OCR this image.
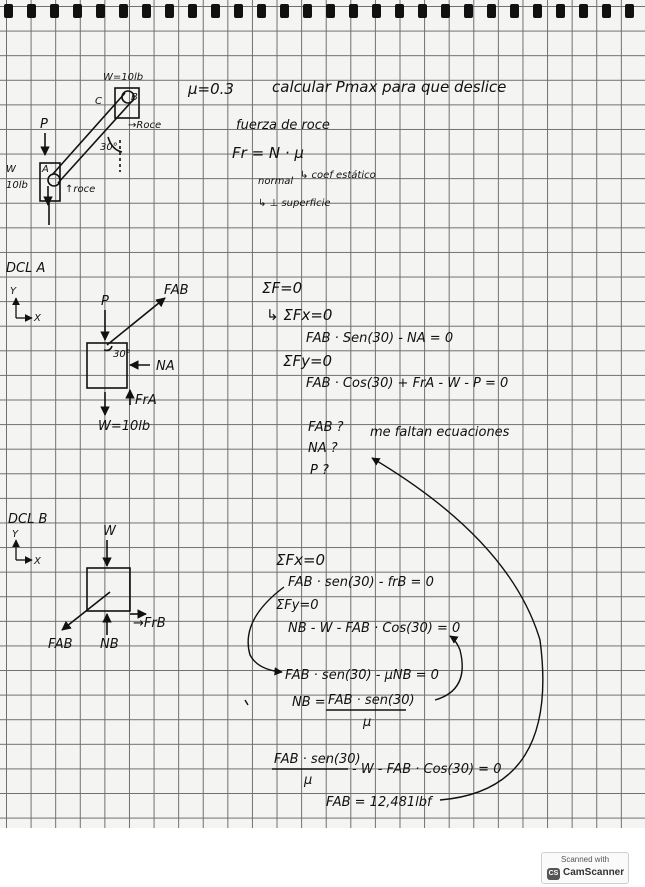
μ=0.3	calcular Pmax para que deslice
W=10lb
C	B
A
→Roce
↑roce
30°
P
W
10lb
fuerza de roce
Fr = N · μ
normal
↳ coef estático
↳ ⊥ superficie
DCL A
Y
X
P
FAB
NA
FrA
30°
W=10lb
ΣF=0
↳ ΣFx=0
FAB · Sen(30) - NA = 0
ΣFy=0
FAB · Cos(30) + FrA - W - P = 0
FAB ?
NA ?
P ?
me faltan ecuaciones
DCL B
Y
X
W
FAB NB
→FrB
ΣFx=0
FAB · sen(30) - frB = 0
ΣFy=0
NB - W - FAB · Cos(30) = 0
FAB · sen(30) - μNB = 0
NB = FAB · sen(30)
μ
FAB · sen(30)
μ
- W - FAB · Cos(30) = 0
FAB = 12,481lbf
Scanned with
CS CamScanner
